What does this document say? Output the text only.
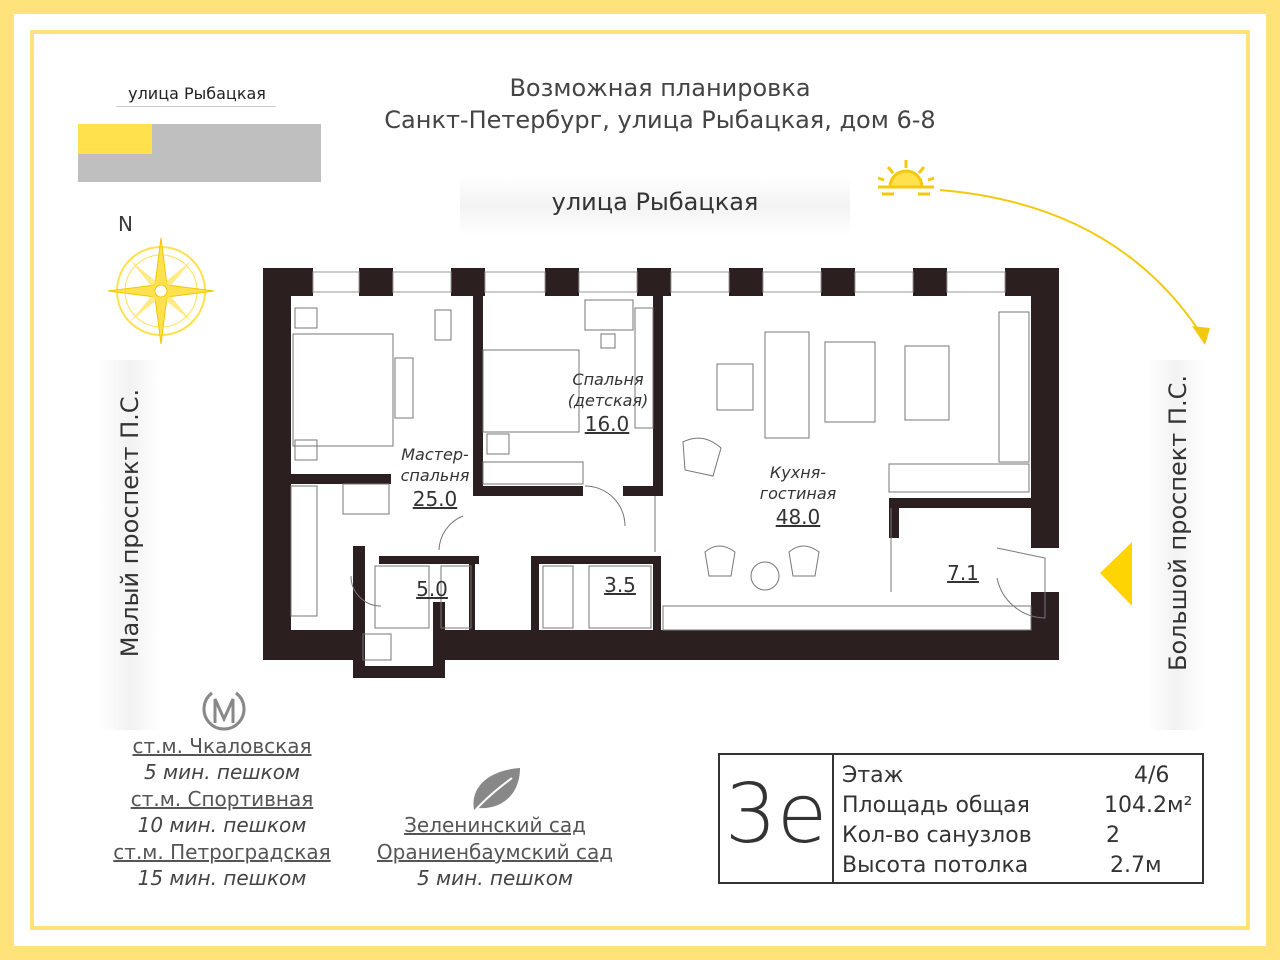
Возможная планировка
Санкт-Петербург, улица Рыбацкая, дом 6-8
улица Рыбацкая
N
улица Рыбацкая
Малый проспект П.С.	Большой проспект П.С.
Мастер-
спальня
25.0
Спальня
(детская)
16.0
Кухня-
гостиная
48.0
5.0	3.5	7.1
ст.м. Чкаловская
5 мин. пешком
ст.м. Спортивная
10 мин. пешком
ст.м. Петроградская
15 мин. пешком
Зеленинский сад
Ораниенбаумский сад
5 мин. пешком
3е Этаж	4/6
Площадь общая	104.2м²
Кол-во санузлов	2
Высота потолка	2.7м
